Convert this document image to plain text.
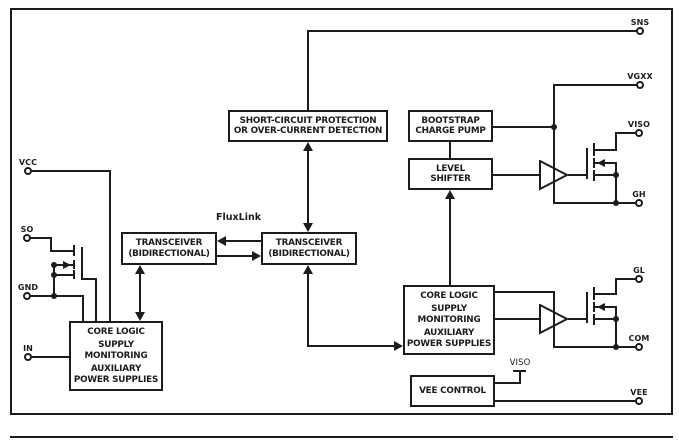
SHORT-CIRCUIT PROTECTION
OR OVER-CURRENT DETECTION
BOOTSTRAP
CHARGE PUMP
LEVEL
SHIFTER
TRANSCEIVER
(BIDIRECTIONAL)
TRANSCEIVER
(BIDIRECTIONAL)
CORE LOGIC
SUPPLY
MONITORING
AUXILIARY
POWER SUPPLIES
CORE LOGIC
SUPPLY
MONITORING
AUXILIARY
POWER SUPPLIES
VEE CONTROL
VCC
SO
GND
IN
SNS
VGXX
VISO
GH
GL
COM
VEE
VISO
FluxLink
